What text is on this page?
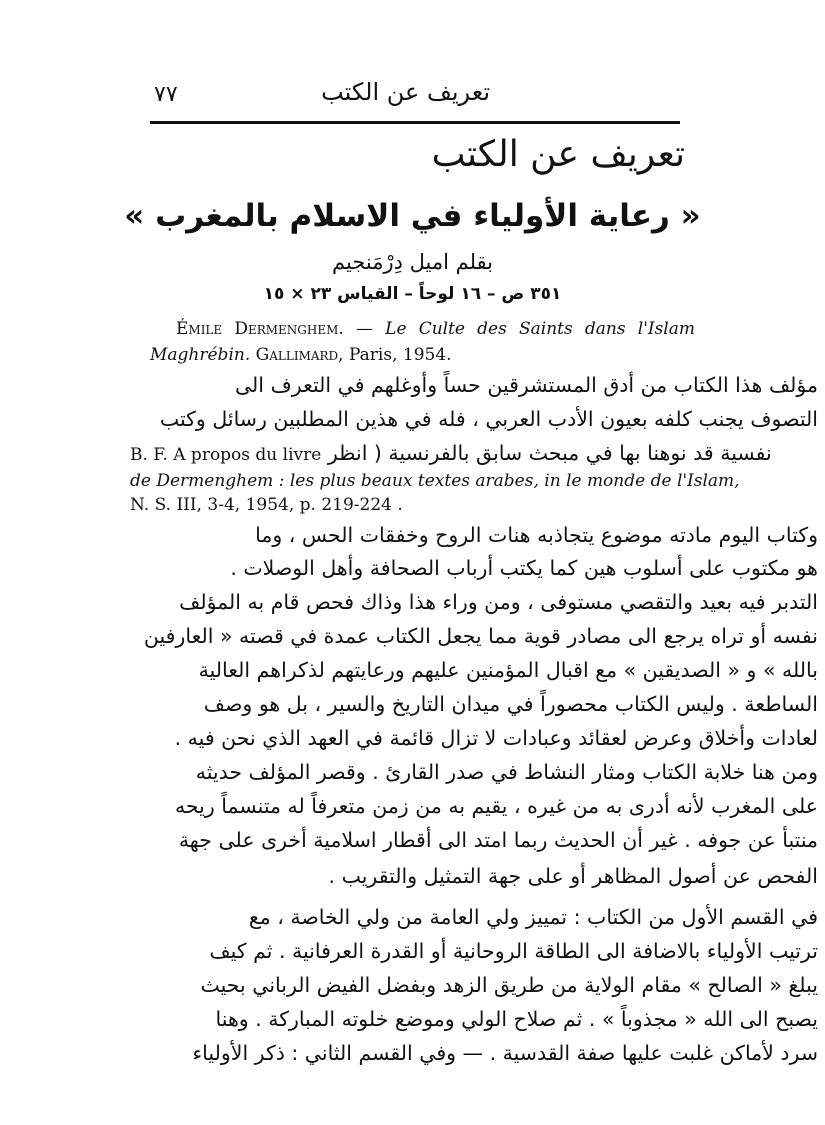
٧٧	تعريف عن الكتب
تعريف عن الكتب
« رعاية الأولياء في الاسلام بالمغرب »
بقلم اميل دِرْمَنجيم
٣٥١ ص – ١٦ لوحاً – القياس ٢٣ × ١٥
Émile Dermenghem. — Le Culte des Saints dans l'Islam Maghrébin. Gallimard, Paris, 1954.
مؤلف هذا الكتاب من أدق المستشرقين حساً وأوغلهم في التعرف الى
التصوف يجنب كلفه بعيون الأدب العربي ، فله في هذين المطلبين رسائل وكتب
B. F. A propos du livre نفسية قد نوهنا بها في مبحث سابق بالفرنسية ( انظر
de Dermenghem : les plus beaux textes arabes, in le monde de l'Islam,
N. S. III, 3-4, 1954, p. 219-224 .
وكتاب اليوم مادته موضوع يتجاذبه هنات الروح وخفقات الحس ، وما
هو مكتوب على أسلوب هين كما يكتب أرباب الصحافة وأهل الوصلات .
التدبر فيه بعيد والتقصي مستوفى ، ومن وراء هذا وذاك فحص قام به المؤلف
نفسه أو تراه يرجع الى مصادر قوية مما يجعل الكتاب عمدة في قصته « العارفين
بالله » و « الصديقين » مع اقبال المؤمنين عليهم ورعايتهم لذكراهم العالية
الساطعة . وليس الكتاب محصوراً في ميدان التاريخ والسير ، بل هو وصف
لعادات وأخلاق وعرض لعقائد وعبادات لا تزال قائمة في العهد الذي نحن فيه .
ومن هنا خلابة الكتاب ومثار النشاط في صدر القارئ . وقصر المؤلف حديثه
على المغرب لأنه أدرى به من غيره ، يقيم به من زمن متعرفاً له متنسماً ريحه
منتبأ عن جوفه . غير أن الحديث ربما امتد الى أقطار اسلامية أخرى على جهة
الفحص عن أصول المظاهر أو على جهة التمثيل والتقريب .
في القسم الأول من الكتاب : تمييز ولي العامة من ولي الخاصة ، مع
ترتيب الأولياء بالاضافة الى الطاقة الروحانية أو القدرة العرفانية . ثم كيف
يبلغ « الصالح » مقام الولاية من طريق الزهد وبفضل الفيض الرباني بحيث
يصبح الى الله « مجذوباً » . ثم صلاح الولي وموضع خلوته المباركة . وهنا
سرد لأماكن غلبت عليها صفة القدسية . — وفي القسم الثاني : ذكر الأولياء
